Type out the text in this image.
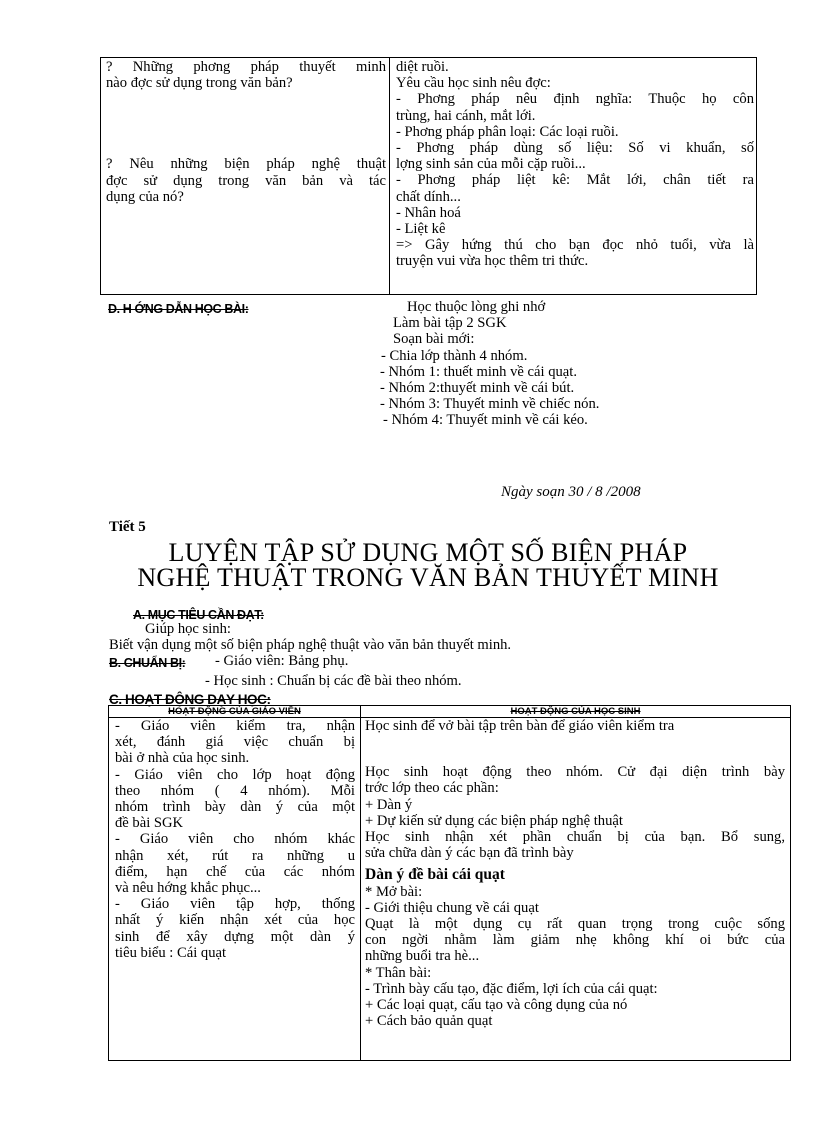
? Những phơng pháp thuyết minh
nào đợc sử dụng trong văn bản?
? Nêu những biện pháp nghệ thuật
đợc sử dụng trong văn bản và tác
dụng của nó?
diệt ruồi.
Yêu cầu học sinh nêu đợc:
- Phơng pháp nêu định nghĩa: Thuộc họ côn
trùng, hai cánh, mắt lới.
- Phơng pháp phân loại: Các loại ruồi.
- Phơng pháp dùng số liệu: Số vi khuẩn, số
lợng sinh sản của mỗi cặp ruồi...
- Phơng pháp liệt kê: Mắt lới, chân tiết ra
chất dính...
- Nhân hoá
- Liệt kê
=> Gây hứng thú cho bạn đọc nhỏ tuổi, vừa là
truyện vui vừa học thêm tri thức.
D. H ỚNG DẪN HỌC BÀI:	Học thuộc lòng ghi nhớ
Làm bài tập 2 SGK
Soạn bài mới:
- Chia lớp thành 4 nhóm.
- Nhóm 1: thuết minh về cái quạt.
- Nhóm 2:thuyết minh về cái bút.
- Nhóm 3: Thuyết minh về chiếc nón.
- Nhóm 4: Thuyết minh về cái kéo.
Ngày soạn 30 / 8 /2008
Tiết 5
LUYỆN TẬP SỬ DỤNG MỘT SỐ BIỆN PHÁP
NGHỆ THUẬT TRONG VĂN BẢN THUYẾT MINH
A. MỤC TIÊU CẦN ĐẠT:
Giúp học sinh:
Biết vận dụng một số biện pháp nghệ thuật vào văn bản thuyết minh.
B. CHUẨN BỊ: - Giáo viên: Bảng phụ.
- Học sinh : Chuẩn bị các đề bài theo nhóm.
C. HOẠT ĐỘNG DẠY HỌC:
HOẠT ĐỘNG CỦA GIÁO VIÊN	HOẠT ĐỘNG CỦA HỌC SINH
- Giáo viên kiểm tra, nhận
xét, đánh giá việc chuẩn bị
bài ở nhà của học sinh.
- Giáo viên cho lớp hoạt động
theo nhóm ( 4 nhóm). Mỗi
nhóm trình bày dàn ý của một
đề bài SGK
- Giáo viên cho nhóm khác
nhận xét, rút ra những u
điểm, hạn chế của các nhóm
và nêu hớng khắc phục...
- Giáo viên tập hợp, thống
nhất ý kiến nhận xét của học
sinh để xây dựng một dàn ý
tiêu biểu : Cái quạt
Học sinh để vở bài tập trên bàn để giáo viên kiểm tra
Học sinh hoạt động theo nhóm. Cử đại diện trình bày
trớc lớp theo các phần:
+ Dàn ý
+ Dự kiến sử dụng các biện pháp nghệ thuật
Học sinh nhận xét phần chuẩn bị của bạn. Bổ sung,
sửa chữa dàn ý các bạn đã trình bày
Dàn ý đề bài cái quạt
* Mở bài:
- Giới thiệu chung về cái quạt
Quạt là một dụng cụ rất quan trọng trong cuộc sống
con ngời nhằm làm giảm nhẹ không khí oi bức của
những buổi tra hè...
* Thân bài:
- Trình bày cấu tạo, đặc điểm, lợi ích của cái quạt:
+ Các loại quạt, cấu tạo và công dụng của nó
+ Cách bảo quản quạt
